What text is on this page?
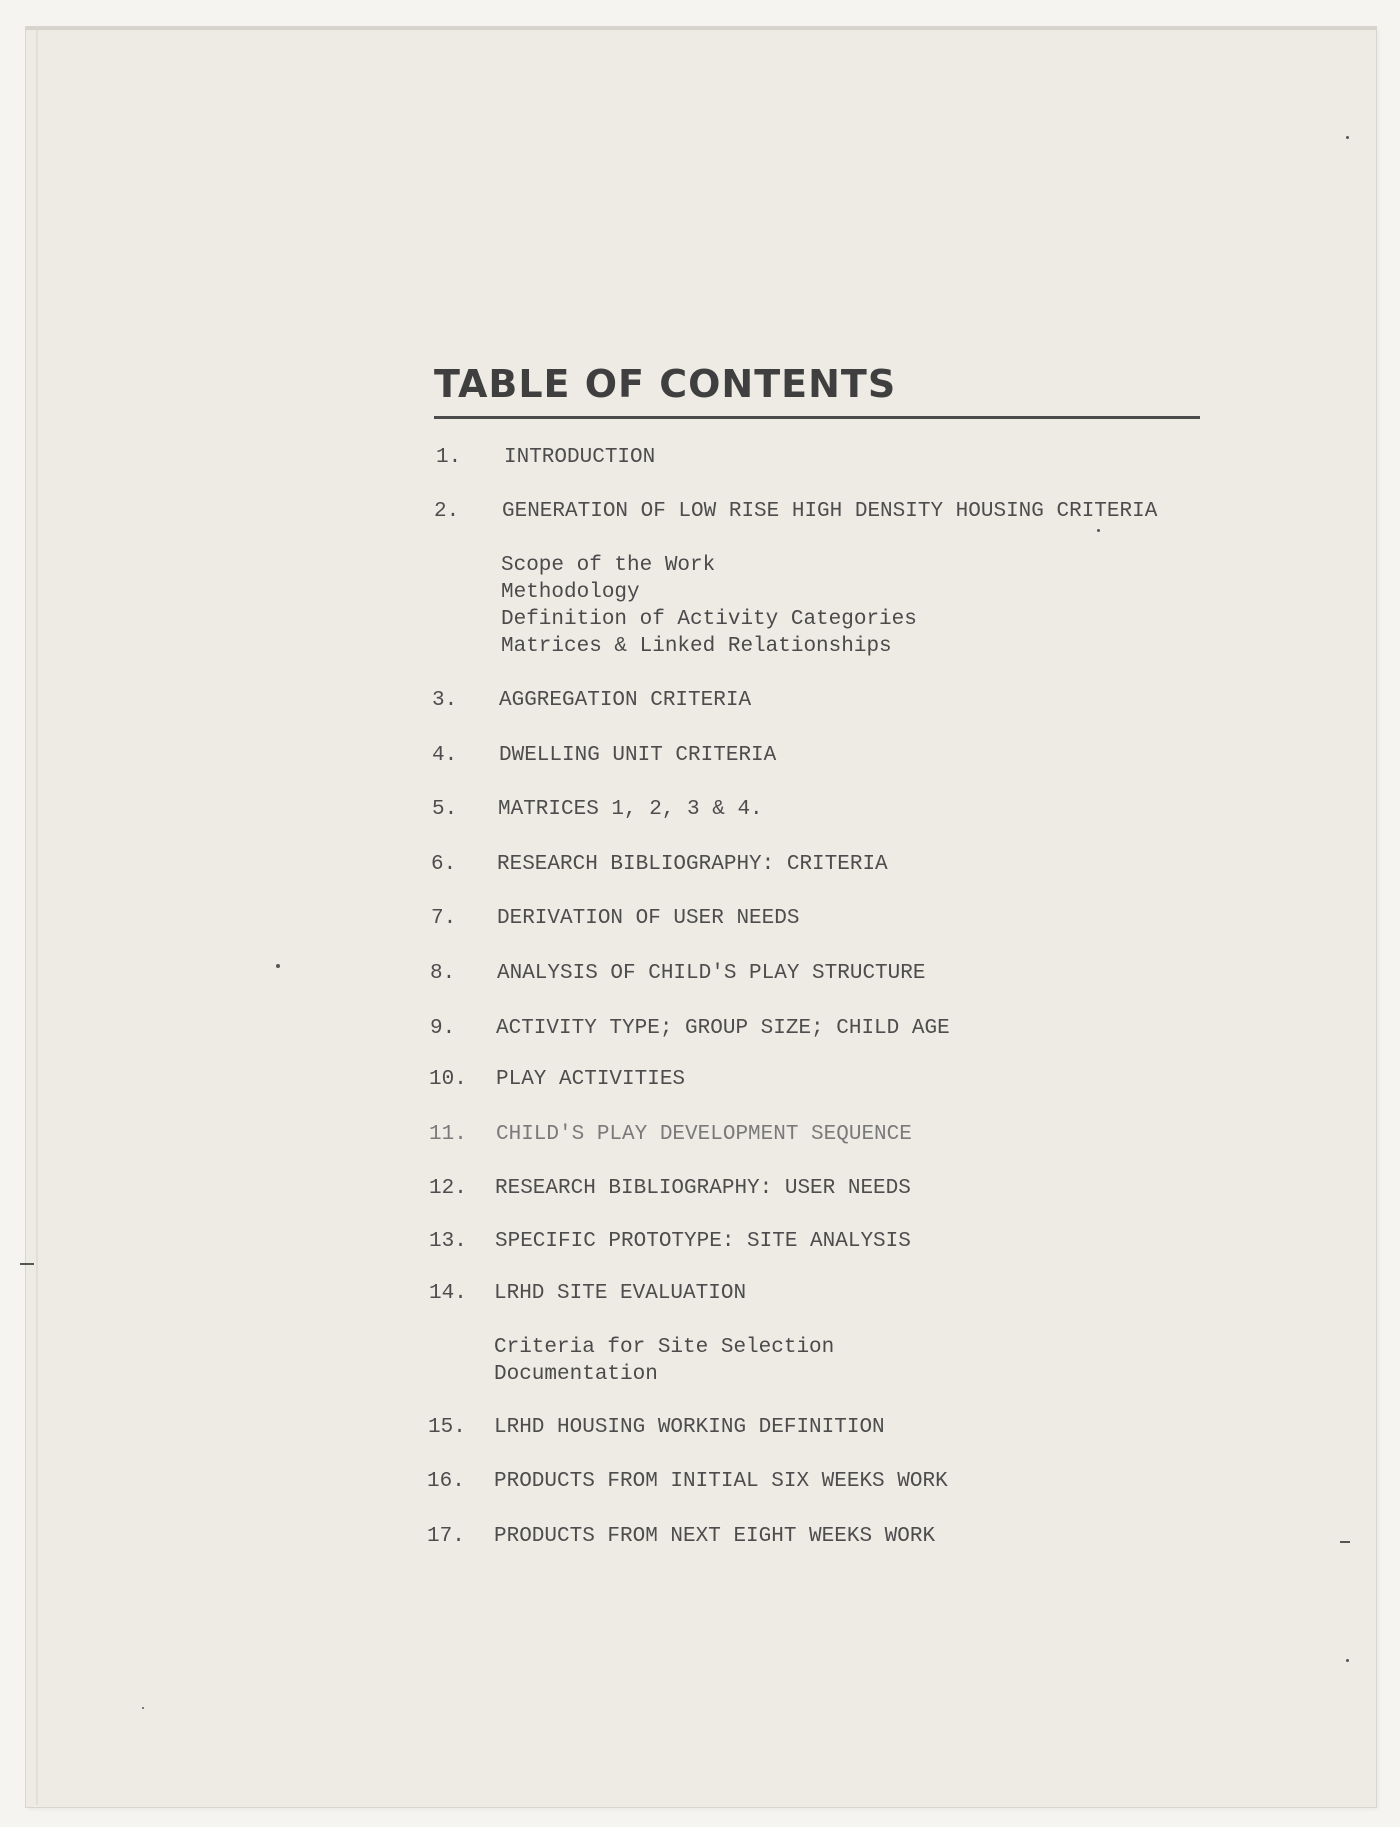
TABLE OF CONTENTS
1. INTRODUCTION
2. GENERATION OF LOW RISE HIGH DENSITY HOUSING CRITERIA
Scope of the Work
Methodology
Definition of Activity Categories
Matrices & Linked Relationships
3. AGGREGATION CRITERIA
4. DWELLING UNIT CRITERIA
5. MATRICES 1, 2, 3 & 4.
6. RESEARCH BIBLIOGRAPHY: CRITERIA
7. DERIVATION OF USER NEEDS
8. ANALYSIS OF CHILD'S PLAY STRUCTURE
9. ACTIVITY TYPE; GROUP SIZE; CHILD AGE
10. PLAY ACTIVITIES
11. CHILD'S PLAY DEVELOPMENT SEQUENCE
12. RESEARCH BIBLIOGRAPHY: USER NEEDS
13. SPECIFIC PROTOTYPE: SITE ANALYSIS
14. LRHD SITE EVALUATION
Criteria for Site Selection
Documentation
15. LRHD HOUSING WORKING DEFINITION
16. PRODUCTS FROM INITIAL SIX WEEKS WORK
17. PRODUCTS FROM NEXT EIGHT WEEKS WORK
